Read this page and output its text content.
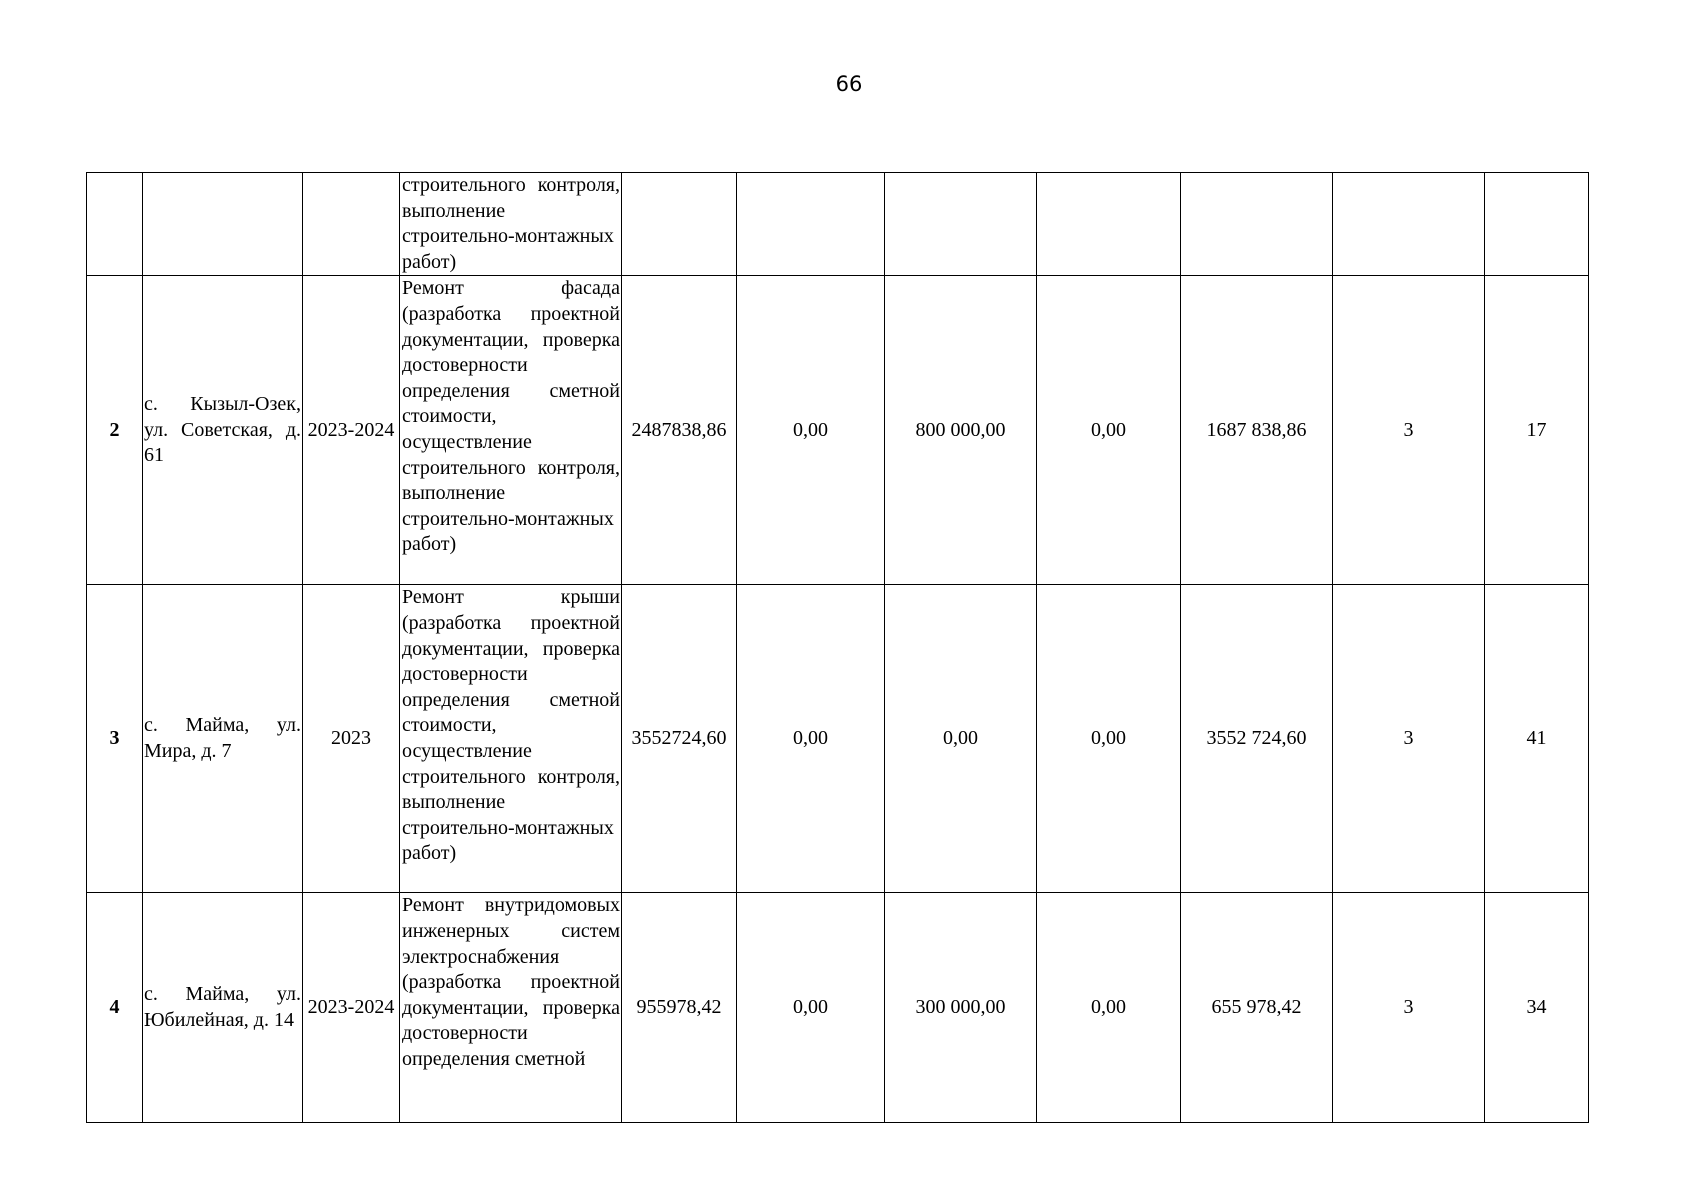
66
			строительного контроля, выполнение строительно-монтажных работ)							
2	с. Кызыл-Озек, ул. Советская, д. 61	2023-2024	Ремонт фасада (разработка проектной документации, проверка достоверности определения сметной стоимости, осуществление строительного контроля, выполнение строительно-монтажных работ)	2487838,86	0,00	800 000,00	0,00	1687 838,86	3	17
3	с. Майма, ул. Мира, д. 7	2023	Ремонт крыши (разработка проектной документации, проверка достоверности определения сметной стоимости, осуществление строительного контроля, выполнение строительно-монтажных работ)	3552724,60	0,00	0,00	0,00	3552 724,60	3	41
4	с. Майма, ул. Юбилейная, д. 14	2023-2024	Ремонт внутридомовых инженерных систем электроснабжения (разработка проектной документации, проверка достоверности определения сметной	955978,42	0,00	300 000,00	0,00	655 978,42	3	34
